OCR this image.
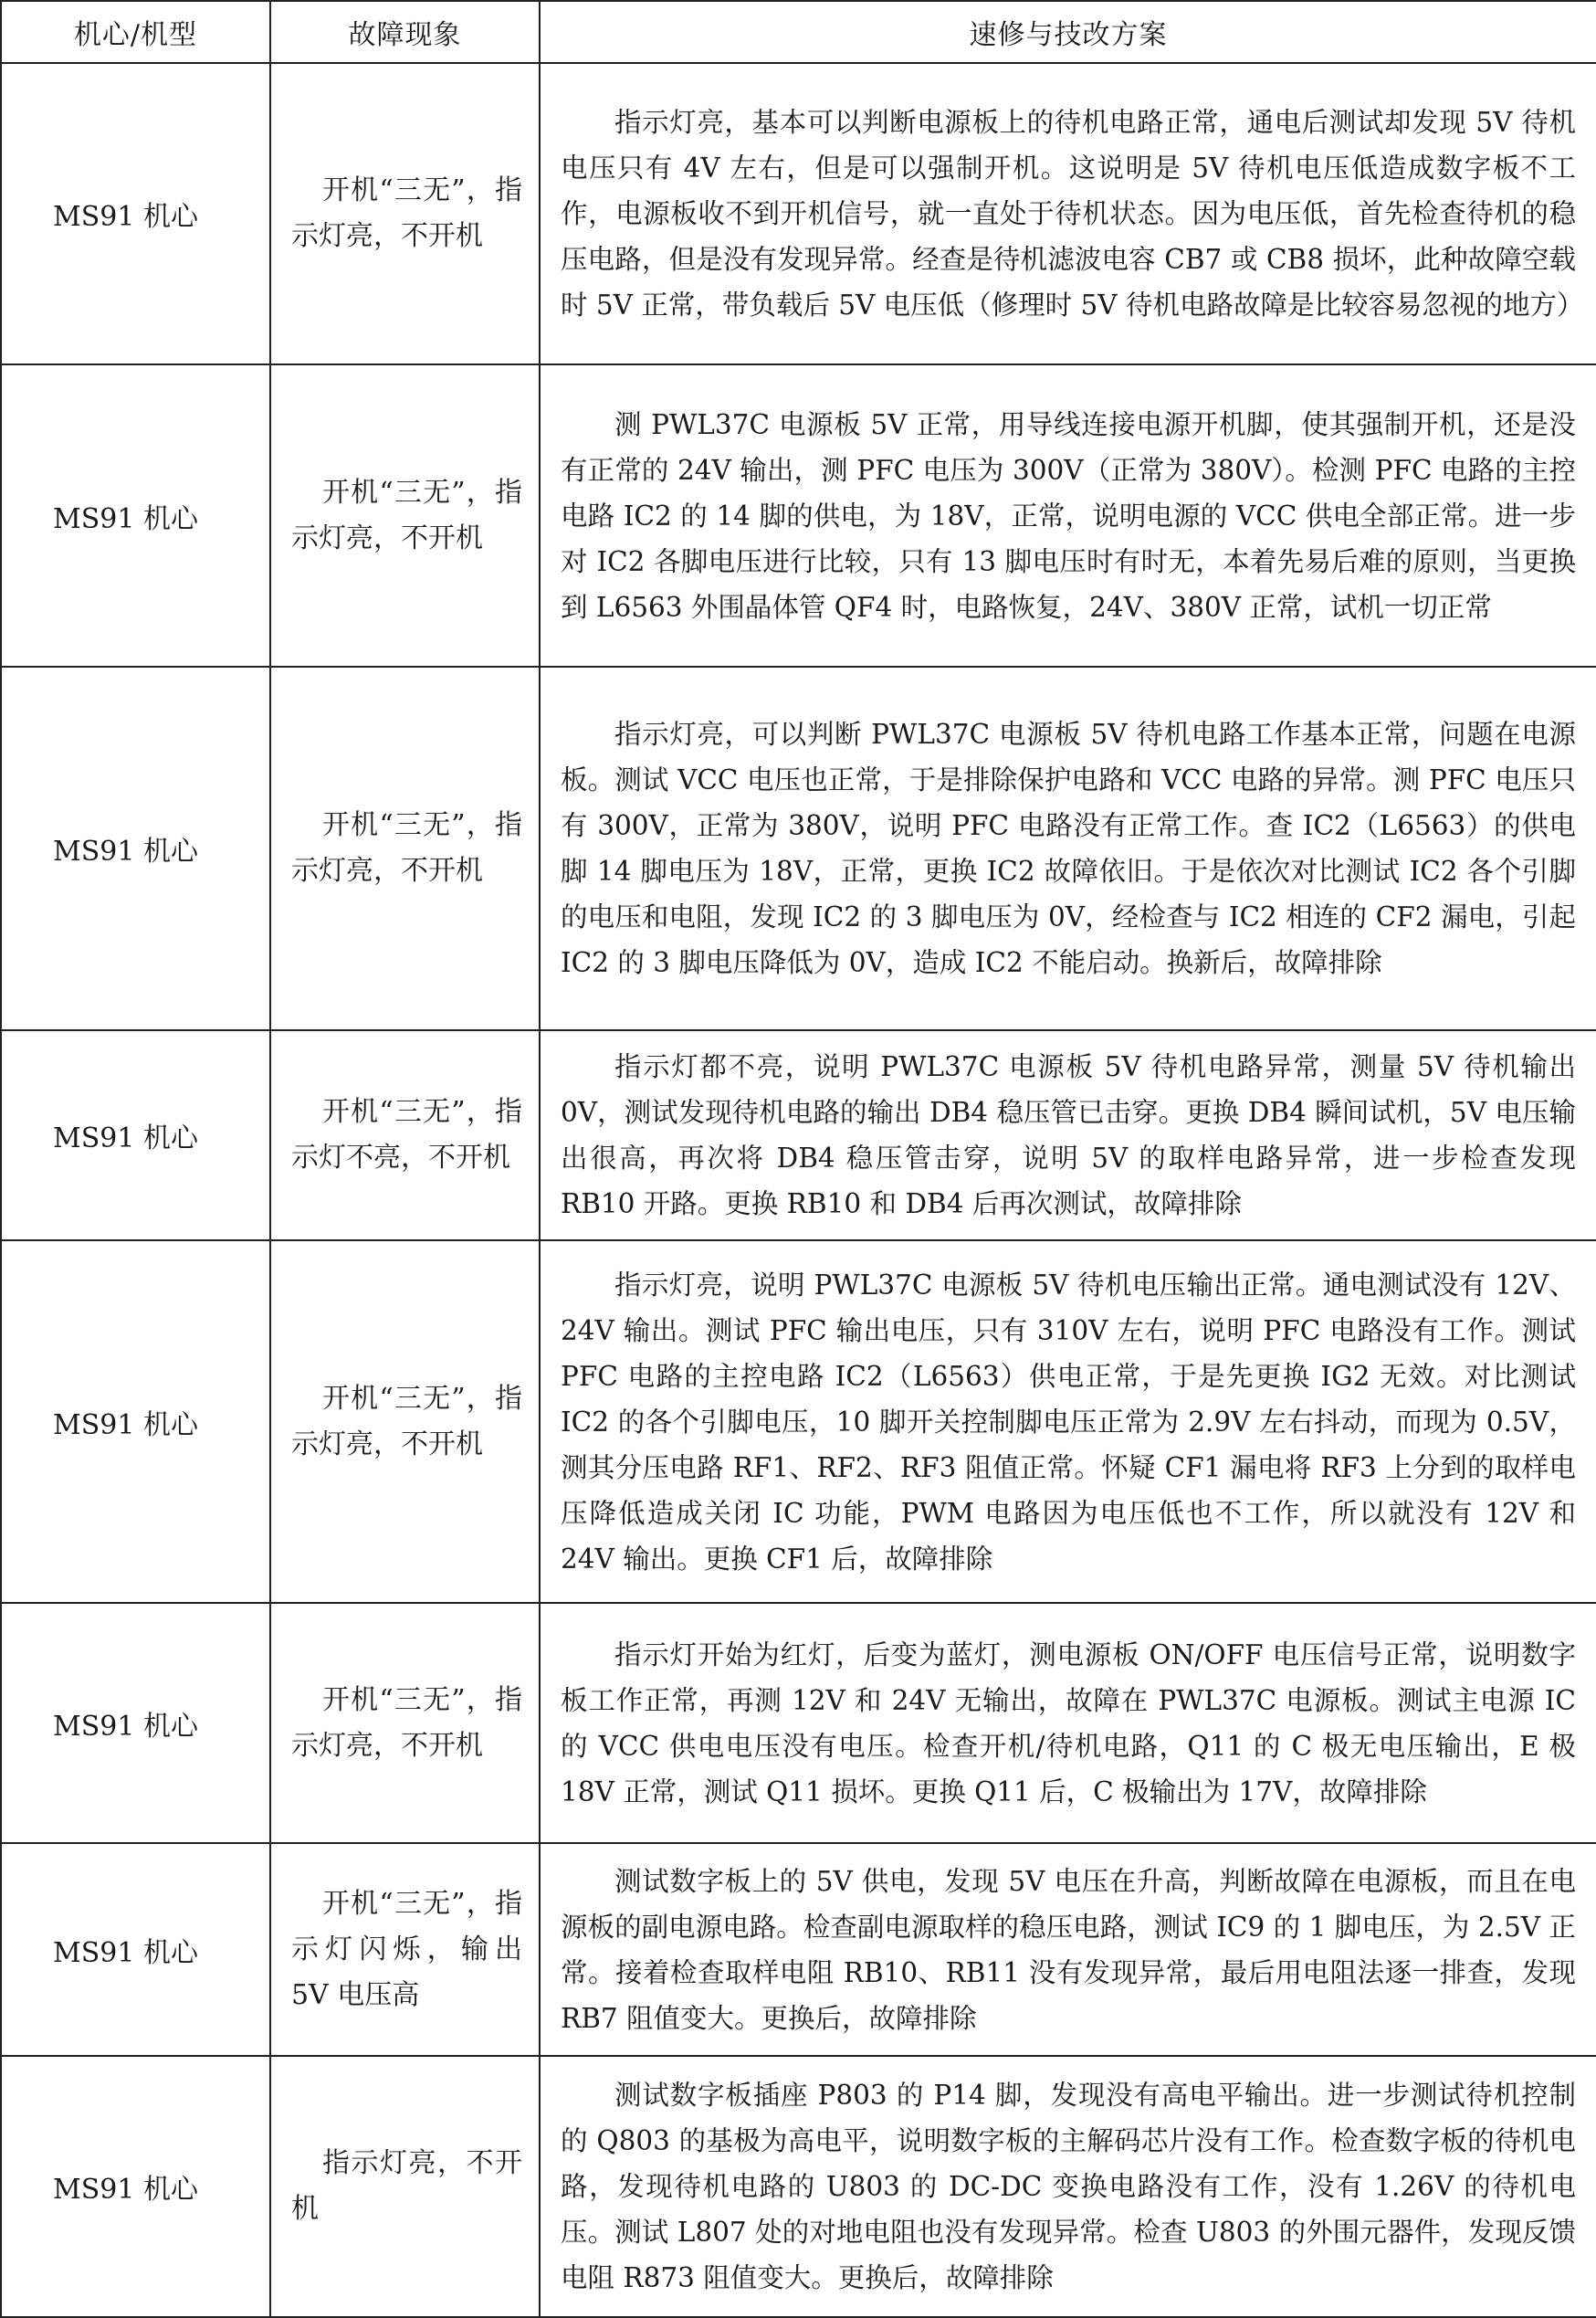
机心/机型	故障现象	速修与技改方案
MS91 机心	开机“三无”，指示灯亮，不开机	指示灯亮，基本可以判断电源板上的待机电路正常，通电后测试却发现 5V 待机电压只有 4V 左右，但是可以强制开机。这说明是 5V 待机电压低造成数字板不工作，电源板收不到开机信号，就一直处于待机状态。因为电压低，首先检查待机的稳压电路，但是没有发现异常。经查是待机滤波电容 CB7 或 CB8 损坏，此种故障空载时 5V 正常，带负载后 5V 电压低（修理时 5V 待机电路故障是比较容易忽视的地方）
MS91 机心	开机“三无”，指示灯亮，不开机	测 PWL37C 电源板 5V 正常，用导线连接电源开机脚，使其强制开机，还是没有正常的 24V 输出，测 PFC 电压为 300V（正常为 380V）。检测 PFC 电路的主控电路 IC2 的 14 脚的供电，为 18V，正常，说明电源的 VCC 供电全部正常。进一步对 IC2 各脚电压进行比较，只有 13 脚电压时有时无，本着先易后难的原则，当更换到 L6563 外围晶体管 QF4 时，电路恢复，24V、380V 正常，试机一切正常
MS91 机心	开机“三无”，指示灯亮，不开机	指示灯亮，可以判断 PWL37C 电源板 5V 待机电路工作基本正常，问题在电源板。测试 VCC 电压也正常，于是排除保护电路和 VCC 电路的异常。测 PFC 电压只有 300V，正常为 380V，说明 PFC 电路没有正常工作。查 IC2（L6563）的供电脚 14 脚电压为 18V，正常，更换 IC2 故障依旧。于是依次对比测试 IC2 各个引脚的电压和电阻，发现 IC2 的 3 脚电压为 0V，经检查与 IC2 相连的 CF2 漏电，引起 IC2 的 3 脚电压降低为 0V，造成 IC2 不能启动。换新后，故障排除
MS91 机心	开机“三无”，指示灯不亮，不开机	指示灯都不亮，说明 PWL37C 电源板 5V 待机电路异常，测量 5V 待机输出 0V，测试发现待机电路的输出 DB4 稳压管已击穿。更换 DB4 瞬间试机，5V 电压输出很高，再次将 DB4 稳压管击穿，说明 5V 的取样电路异常，进一步检查发现 RB10 开路。更换 RB10 和 DB4 后再次测试，故障排除
MS91 机心	开机“三无”，指示灯亮，不开机	指示灯亮，说明 PWL37C 电源板 5V 待机电压输出正常。通电测试没有 12V、24V 输出。测试 PFC 输出电压，只有 310V 左右，说明 PFC 电路没有工作。测试 PFC 电路的主控电路 IC2（L6563）供电正常，于是先更换 IG2 无效。对比测试 IC2 的各个引脚电压，10 脚开关控制脚电压正常为 2.9V 左右抖动，而现为 0.5V，测其分压电路 RF1、RF2、RF3 阻值正常。怀疑 CF1 漏电将 RF3 上分到的取样电压降低造成关闭 IC 功能，PWM 电路因为电压低也不工作，所以就没有 12V 和 24V 输出。更换 CF1 后，故障排除
MS91 机心	开机“三无”，指示灯亮，不开机	指示灯开始为红灯，后变为蓝灯，测电源板 ON/OFF 电压信号正常，说明数字板工作正常，再测 12V 和 24V 无输出，故障在 PWL37C 电源板。测试主电源 IC 的 VCC 供电电压没有电压。检查开机/待机电路，Q11 的 C 极无电压输出，E 极 18V 正常，测试 Q11 损坏。更换 Q11 后，C 极输出为 17V，故障排除
MS91 机心	开机“三无”，指示灯闪烁，输出 5V 电压高	测试数字板上的 5V 供电，发现 5V 电压在升高，判断故障在电源板，而且在电源板的副电源电路。检查副电源取样的稳压电路，测试 IC9 的 1 脚电压，为 2.5V 正常。接着检查取样电阻 RB10、RB11 没有发现异常，最后用电阻法逐一排查，发现 RB7 阻值变大。更换后，故障排除
MS91 机心	指示灯亮，不开机	测试数字板插座 P803 的 P14 脚，发现没有高电平输出。进一步测试待机控制的 Q803 的基极为高电平，说明数字板的主解码芯片没有工作。检查数字板的待机电路，发现待机电路的 U803 的 DC-DC 变换电路没有工作，没有 1.26V 的待机电压。测试 L807 处的对地电阻也没有发现异常。检查 U803 的外围元器件，发现反馈电阻 R873 阻值变大。更换后，故障排除
